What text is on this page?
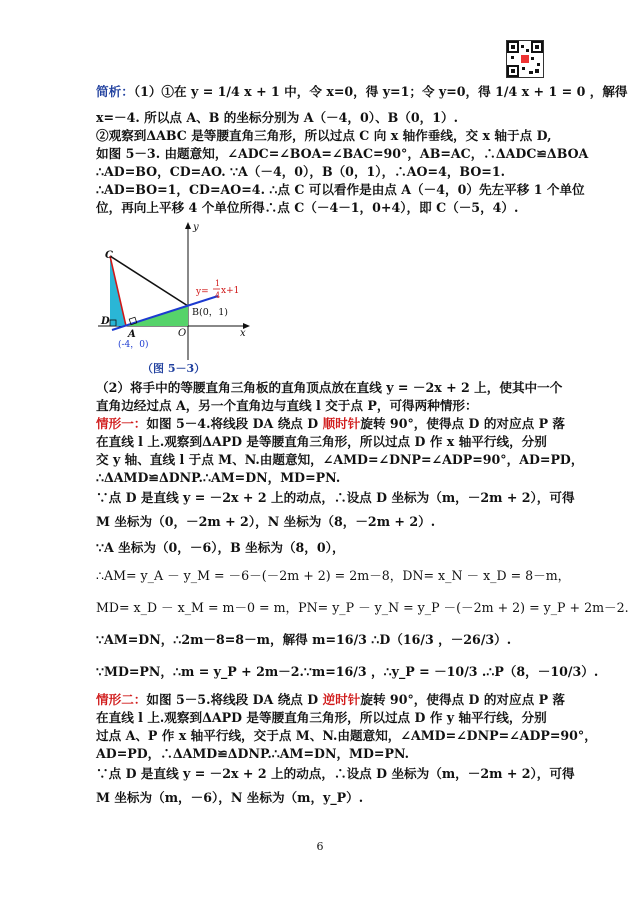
简析：（1）①在 y = 1/4 x + 1 中，令 x=0，得 y=1；令 y=0，得 1/4 x + 1 = 0 ，解得
x=－4. 所以点 A、B 的坐标分别为 A（－4，0）、B（0，1）.
②观察到ΔABC 是等腰直角三角形，所以过点 C 向 x 轴作垂线，交 x 轴于点 D,
如图 5－3. 由题意知，∠ADC=∠BOA=∠BAC=90°，AB=AC，∴ΔADC≌ΔBOA
∴AD=BO，CD=AO. ∵A（－4，0），B（0，1），∴AO=4，BO=1.
∴AD=BO=1，CD=AO=4. ∴点 C 可以看作是由点 A（－4，0）先左平移 1 个单位
位，再向上平移 4 个单位所得∴点 C（－4－1，0+4），即 C（－5，4）.
C
D
A	O
B(0，1)
x
y
(-4，0)
y=
1
4 x+1
（图 5－3）
（2）将手中的等腰直角三角板的直角顶点放在直线 y = －2x + 2 上，使其中一个
直角边经过点 A，另一个直角边与直线 l 交于点 P，可得两种情形：
情形一：如图 5－4.将线段 DA 绕点 D 顺时针旋转 90°，使得点 D 的对应点 P 落
在直线 l 上.观察到ΔAPD 是等腰直角三角形，所以过点 D 作 x 轴平行线，分别
交 y 轴、直线 l 于点 M、N.由题意知，∠AMD=∠DNP=∠ADP=90°，AD=PD，
∴ΔAMD≌ΔDNP.∴AM=DN，MD=PN.
∵点 D 是直线 y = －2x + 2 上的动点，∴设点 D 坐标为（m，－2m + 2），可得
M 坐标为（0，－2m + 2），N 坐标为（8，－2m + 2）.
∵A 坐标为（0，－6），B 坐标为（8，0），
∴AM= y_A － y_M = －6－(－2m + 2) = 2m－8，DN= x_N － x_D = 8－m，
MD= x_D － x_M = m－0 = m，PN= y_P － y_N = y_P －(－2m + 2) = y_P + 2m－2.
∵AM=DN，∴2m－8=8－m，解得 m=16/3 ∴D（16/3 ，－26/3）.
∵MD=PN，∴m = y_P + 2m－2.∵m=16/3 ，∴y_P = －10/3 .∴P（8，－10/3）.
情形二：如图 5－5.将线段 DA 绕点 D 逆时针旋转 90°，使得点 D 的对应点 P 落
在直线 l 上.观察到ΔAPD 是等腰直角三角形，所以过点 D 作 y 轴平行线，分别
过点 A、P 作 x 轴平行线，交于点 M、N.由题意知，∠AMD=∠DNP=∠ADP=90°，
AD=PD，∴ΔAMD≌ΔDNP.∴AM=DN，MD=PN.
∵点 D 是直线 y = －2x + 2 上的动点，∴设点 D 坐标为（m，－2m + 2），可得
M 坐标为（m，－6），N 坐标为（m，y_P）.
6
